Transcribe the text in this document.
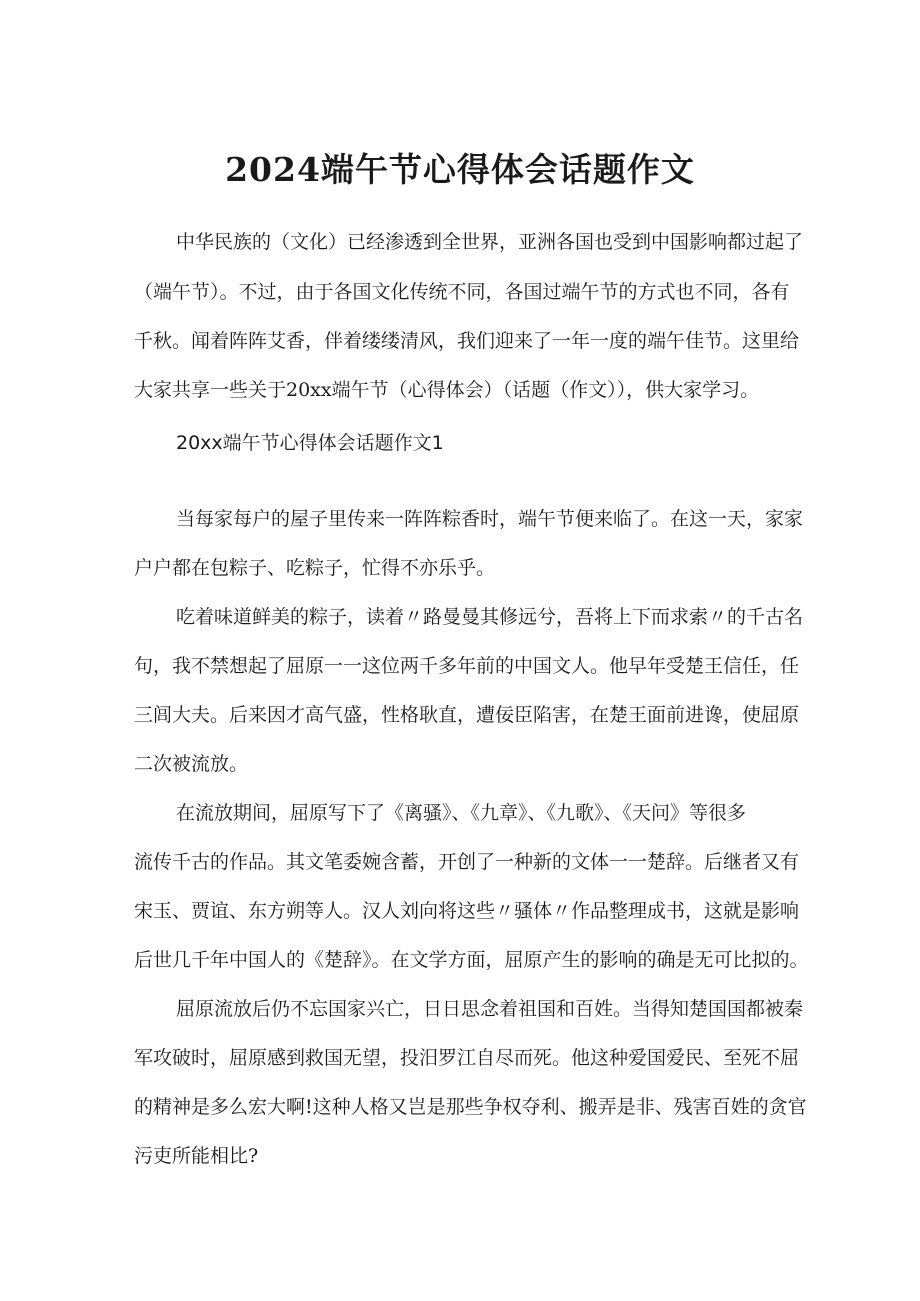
2024端午节心得体会话题作文

中华民族的（文化）已经渗透到全世界，亚洲各国也受到中国影响都过起了

（端午节）。不过，由于各国文化传统不同，各国过端午节的方式也不同，各有

千秋。闻着阵阵艾香，伴着缕缕清风，我们迎来了一年一度的端午佳节。这里给

大家共享一些关于20xx端午节（心得体会）（话题（作文）），供大家学习。

20xx端午节心得体会话题作文1

当每家每户的屋子里传来一阵阵粽香时，端午节便来临了。在这一天，家家

户户都在包粽子、吃粽子，忙得不亦乐乎。

吃着味道鲜美的粽子，读着〃路曼曼其修远兮，吾将上下而求索〃的千古名

句，我不禁想起了屈原一一这位两千多年前的中国文人。他早年受楚王信任，任

三闾大夫。后来因才高气盛，性格耿直，遭佞臣陷害，在楚王面前进谗，使屈原

二次被流放。

在流放期间，屈原写下了《离骚》、《九章》、《九歌》、《天问》等很多

流传千古的作品。其文笔委婉含蓄，开创了一种新的文体一一楚辞。后继者又有

宋玉、贾谊、东方朔等人。汉人刘向将这些〃骚体〃作品整理成书，这就是影响

后世几千年中国人的《楚辞》。在文学方面，屈原产生的影响的确是无可比拟的。

屈原流放后仍不忘国家兴亡，日日思念着祖国和百姓。当得知楚国国都被秦

军攻破时，屈原感到救国无望，投汨罗江自尽而死。他这种爱国爱民、至死不屈

的精神是多么宏大啊!这种人格又岂是那些争权夺利、搬弄是非、残害百姓的贪官

污吏所能相比?
